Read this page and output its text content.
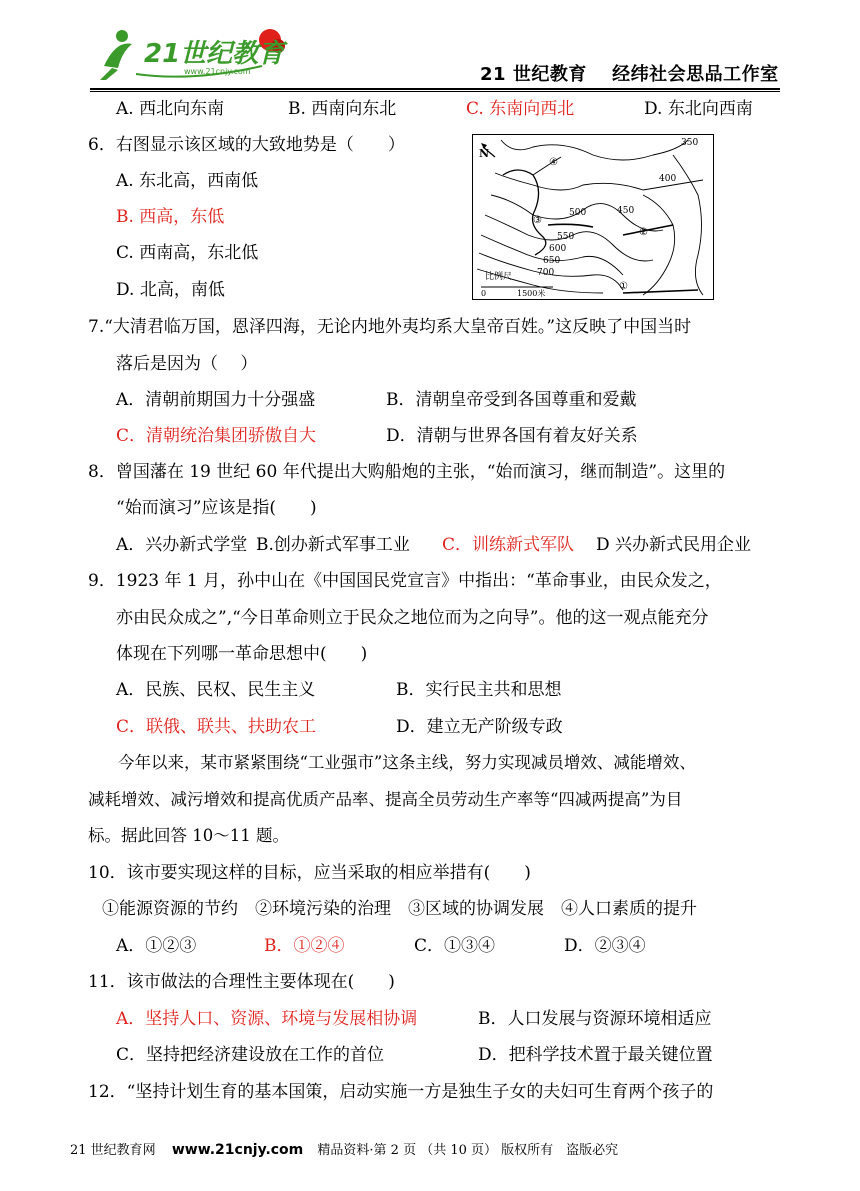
21世纪教育
www.21cnjy.com	21 世纪教育　 经纬社会思品工作室
A. 西北向东南	B. 西南向东北	C. 东南向西北	D. 东北向西南
6．右图显示该区域的大致地势是（　　）
A. 东北高，西南低
B. 西高，东低
C. 西南高，东北低
D. 北高，南低
N
350
400
450
500
550
600
650
700
④
③
②
①
比例尺
0	1500米
7.“大清君临万国，恩泽四海，无论内地外夷均系大皇帝百姓。”这反映了中国当时
落后是因为（　 ）
A．清朝前期国力十分强盛	B．清朝皇帝受到各国尊重和爱戴
C．清朝统治集团骄傲自大	D．清朝与世界各国有着友好关系
8．曾国藩在 19 世纪 60 年代提出大购船炮的主张，“始而演习，继而制造”。这里的
“始而演习”应该是指(　　)
A．兴办新式学堂 B.创办新式军事工业 C．训练新式军队 D 兴办新式民用企业
9．1923 年 1 月，孙中山在《中国国民党宣言》中指出：“革命事业，由民众发之，
亦由民众成之”,“今日革命则立于民众之地位而为之向导”。他的这一观点能充分
体现在下列哪一革命思想中(　　)
A．民族、民权、民生主义	B．实行民主共和思想
C．联俄、联共、扶助农工	D．建立无产阶级专政
今年以来，某市紧紧围绕“工业强市”这条主线，努力实现减员增效、减能增效、
减耗增效、减污增效和提高优质产品率、提高全员劳动生产率等“四减两提高”为目
标。据此回答 10～11 题。
10．该市要实现这样的目标，应当采取的相应举措有(　　)
①能源资源的节约　②环境污染的治理　③区域的协调发展　④人口素质的提升
A．①②③	B．①②④	C．①③④	D．②③④
11．该市做法的合理性主要体现在(　　)
A．坚持人口、资源、环境与发展相协调	B．人口发展与资源环境相适应
C．坚持把经济建设放在工作的首位	D．把科学技术置于最关键位置
12．“坚持计划生育的基本国策，启动实施一方是独生子女的夫妇可生育两个孩子的
21 世纪教育网 www.21cnjy.com 精品资料·第 2 页 （共 10 页） 版权所有　盗版必究
